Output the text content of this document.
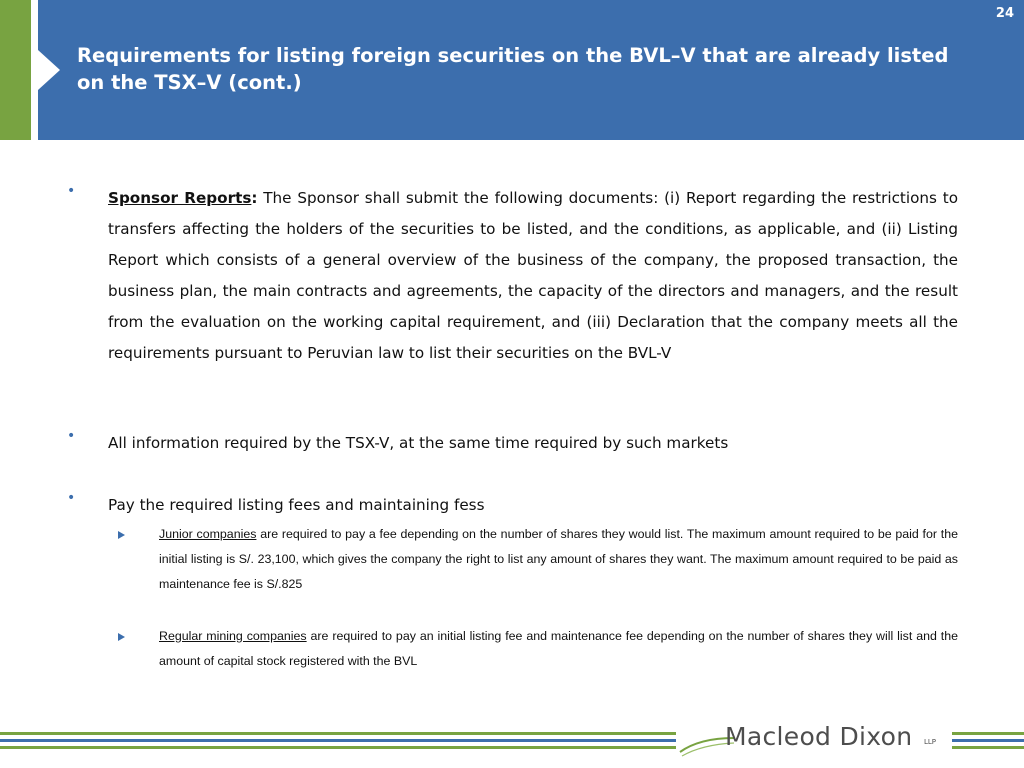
24
Requirements for listing foreign securities on the BVL–V that are already listed on the TSX–V (cont.)
• Sponsor Reports: The Sponsor shall submit the following documents: (i) Report regarding the restrictions to transfers affecting the holders of the securities to be listed, and the conditions, as applicable, and (ii) Listing Report which consists of a general overview of the business of the company, the proposed transaction, the business plan, the main contracts and agreements, the capacity of the directors and managers, and the result from the evaluation on the working capital requirement, and (iii) Declaration that the company meets all the requirements pursuant to Peruvian law to list their securities on the BVL-V

• All information required by the TSX-V, at the same time required by such markets

• Pay the required listing fees and maintaining fess

Junior companies are required to pay a fee depending on the number of shares they would list. The maximum amount required to be paid for the initial listing is S/. 23,100, which gives the company the right to list any amount of shares they want. The maximum amount required to be paid as maintenance fee is S/.825

Regular mining companies are required to pay an initial listing fee and maintenance fee depending on the number of shares they will list and the amount of capital stock registered with the BVL

Macleod Dixon LLP
